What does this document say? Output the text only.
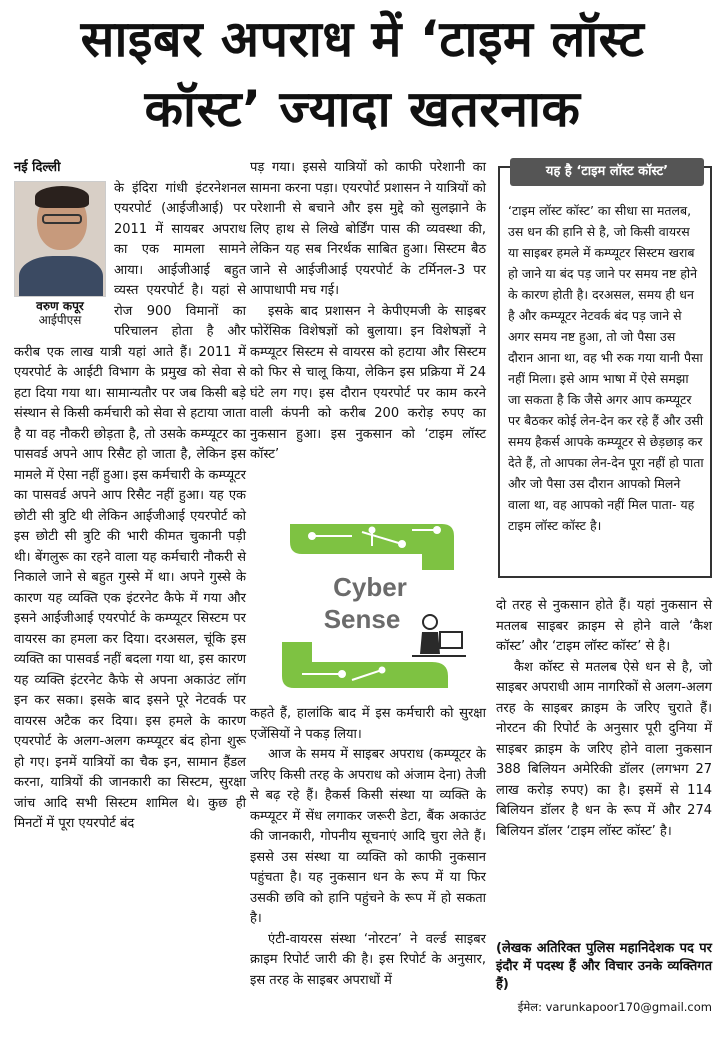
साइबर अपराध में ‘टाइम लॉस्ट
कॉस्ट’ ज्यादा खतरनाक

नई दिल्ली

वरुण कपूर
आईपीएस

के इंदिरा गांधी इंटरनेशनल एयरपोर्ट (आईजीआई) पर 2011 में सायबर अपराध का एक मामला सामने आया। आईजीआई बहुत व्यस्त एयरपोर्ट है। यहां से रोज 900 विमानों का परिचालन होता है और करीब एक लाख यात्री यहां आते हैं। 2011 में एयरपोर्ट के आईटी विभाग के प्रमुख को सेवा से हटा दिया गया था। सामान्यतौर पर जब किसी बड़े संस्थान से किसी कर्मचारी को सेवा से हटाया जाता है या वह नौकरी छोड़ता है, तो उसके कम्प्यूटर का पासवर्ड अपने आप रिसैट हो जाता है, लेकिन इस मामले में ऐसा नहीं हुआ। इस कर्मचारी के कम्प्यूटर का पासवर्ड अपने आप रिसैट नहीं हुआ। यह एक छोटी सी त्रुटि थी लेकिन आईजीआई एयरपोर्ट को इस छोटी सी त्रुटि की भारी कीमत चुकानी पड़ी थी। बेंगलुरू का रहने वाला यह कर्मचारी नौकरी से निकाले जाने से बहुत गुस्से में था। अपने गुस्से के कारण यह व्यक्ति एक इंटरनेट कैफे में गया और इसने आईजीआई एयरपोर्ट के कम्प्यूटर सिस्टम पर वायरस का हमला कर दिया। दरअसल, चूंकि इस व्यक्ति का पासवर्ड नहीं बदला गया था, इस कारण यह व्यक्ति इंटरनेट कैफे से अपना अकाउंट लॉग इन कर सका। इसके बाद इसने पूरे नेटवर्क पर वायरस अटैक कर दिया। इस हमले के कारण एयरपोर्ट के अलग-अलग कम्प्यूटर बंद होना शुरू हो गए। इनमें यात्रियों का चैक इन, सामान हैंडल करना, यात्रियों की जानकारी का सिस्टम, सुरक्षा जांच आदि सभी सिस्टम शामिल थे। कुछ ही मिनटों में पूरा एयरपोर्ट बंद

पड़ गया। इससे यात्रियों को काफी परेशानी का सामना करना पड़ा। एयरपोर्ट प्रशासन ने यात्रियों को परेशानी से बचाने और इस मुद्दे को सुलझाने के लिए हाथ से लिखे बोर्डिंग पास की व्यवस्था की, लेकिन यह सब निरर्थक साबित हुआ। सिस्टम बैठ जाने से आईजीआई एयरपोर्ट के टर्मिनल-3 पर आपाधापी मच गई।

इसके बाद प्रशासन ने केपीएमजी के साइबर फोरेंसिक विशेषज्ञों को बुलाया। इन विशेषज्ञों ने कम्प्यूटर सिस्टम से वायरस को हटाया और सिस्टम को फिर से चालू किया, लेकिन इस प्रक्रिया में 24 घंटे लग गए। इस दौरान एयरपोर्ट पर काम करने वाली कंपनी को करीब 200 करोड़ रुपए का नुकसान हुआ। इस नुकसान को ‘टाइम लॉस्ट कॉस्ट’

Cyber
Sense

कहते हैं, हालांकि बाद में इस कर्मचारी को सुरक्षा एजेंसियों ने पकड़ लिया।

आज के समय में साइबर अपराध (कम्प्यूटर के जरिए किसी तरह के अपराध को अंजाम देना) तेजी से बढ़ रहे हैं। हैकर्स किसी संस्था या व्यक्ति के कम्प्यूटर में सेंध लगाकर जरूरी डेटा, बैंक अकाउंट की जानकारी, गोपनीय सूचनाएं आदि चुरा लेते हैं। इससे उस संस्था या व्यक्ति को काफी नुकसान पहुंचता है। यह नुकसान धन के रूप में या फिर उसकी छवि को हानि पहुंचने के रूप में हो सकता है।

एंटी-वायरस संस्था ‘नोरटन’ ने वर्ल्ड साइबर क्राइम रिपोर्ट जारी की है। इस रिपोर्ट के अनुसार, इस तरह के साइबर अपराधों में

यह है ‘टाइम लॉस्ट कॉस्ट’
‘टाइम लॉस्ट कॉस्ट’ का सीधा सा मतलब, उस धन की हानि से है, जो किसी वायरस या साइबर हमले में कम्प्यूटर सिस्टम खराब हो जाने या बंद पड़ जाने पर समय नष्ट होने के कारण होती है। दरअसल, समय ही धन है और कम्प्यूटर नेटवर्क बंद पड़ जाने से अगर समय नष्ट हुआ, तो जो पैसा उस दौरान आना था, वह भी रुक गया यानी पैसा नहीं मिला। इसे आम भाषा में ऐसे समझा जा सकता है कि जैसे अगर आप कम्प्यूटर पर बैठकर कोई लेन-देन कर रहे हैं और उसी समय हैकर्स आपके कम्प्यूटर से छेड़छाड़ कर देते हैं, तो आपका लेन-देन पूरा नहीं हो पाता और जो पैसा उस दौरान आपको मिलने वाला था, वह आपको नहीं मिल पाता- यह टाइम लॉस्ट कॉस्ट है।

दो तरह से नुकसान होते हैं। यहां नुकसान से मतलब साइबर क्राइम से होने वाले ‘कैश कॉस्ट’ और ‘टाइम लॉस्ट कॉस्ट’ से है।

कैश कॉस्ट से मतलब ऐसे धन से है, जो साइबर अपराधी आम नागरिकों से अलग-अलग तरह के साइबर क्राइम के जरिए चुराते हैं। नोरटन की रिपोर्ट के अनुसार पूरी दुनिया में साइबर क्राइम के जरिए होने वाला नुकसान 388 बिलियन अमेरिकी डॉलर (लगभग 27 लाख करोड़ रुपए) का है। इसमें से 114 बिलियन डॉलर है धन के रूप में और 274 बिलियन डॉलर ‘टाइम लॉस्ट कॉस्ट’ है।

(लेखक अतिरिक्त पुलिस महानिदेशक पद पर इंदौर में पदस्थ हैं और विचार उनके व्यक्तिगत हैं)
ईमेल: varunkapoor170@gmail.com
